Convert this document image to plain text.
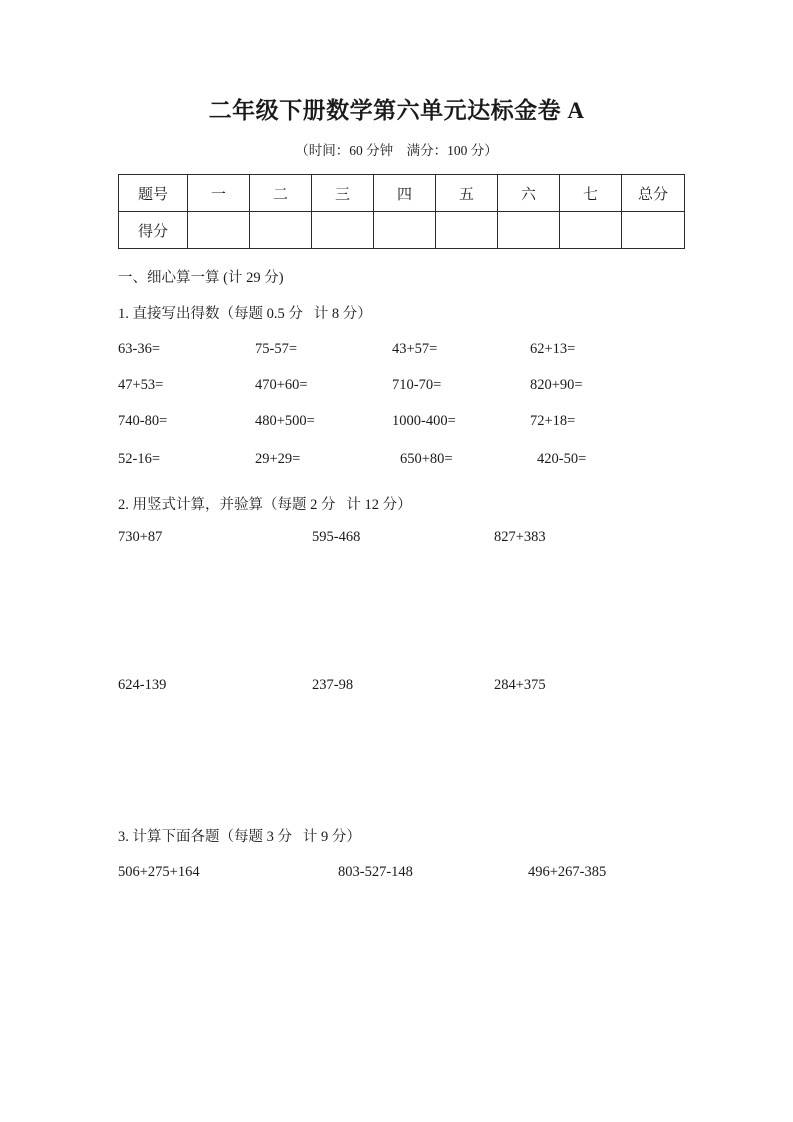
二年级下册数学第六单元达标金卷 A
（时间：60 分钟    满分：100 分）
题号	一	二	三	四	五	六	七	总分
得分								
一、细心算一算 (计 29 分)
1. 直接写出得数（每题 0.5 分   计 8 分）
63-36=	75-57=	43+57=	62+13=
47+53=	470+60=	710-70=	820+90=
740-80=	480+500=	1000-400=	72+18=
52-16=	29+29=	650+80=	420-50=
2. 用竖式计算，并验算（每题 2 分   计 12 分）
730+87	595-468	827+383
624-139	237-98	284+375
3. 计算下面各题（每题 3 分   计 9 分）
506+275+164	803-527-148	496+267-385
